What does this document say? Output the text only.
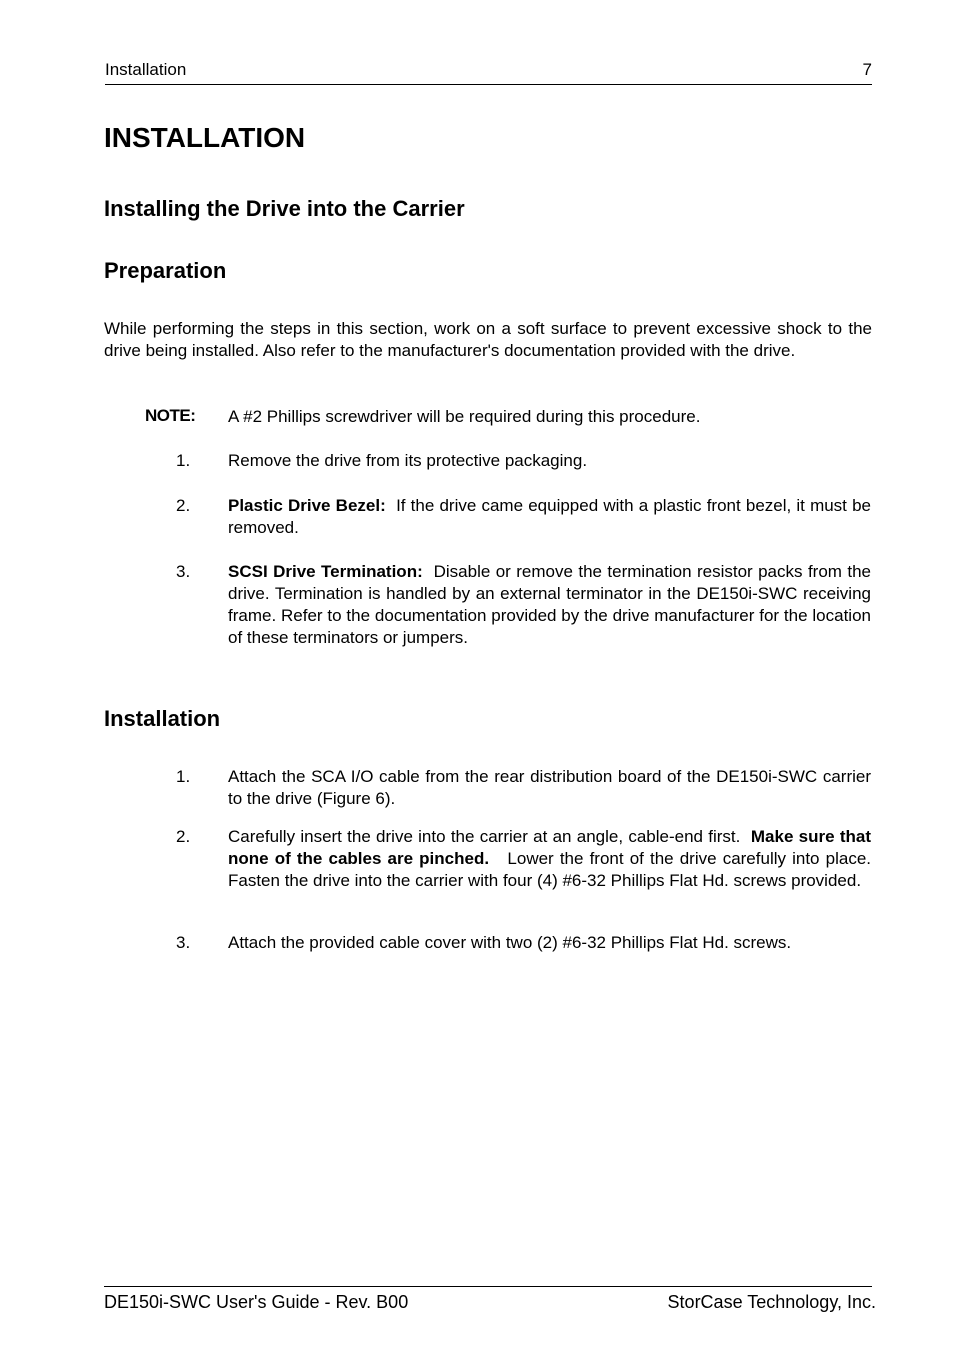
Installation	7
INSTALLATION
Installing the Drive into the Carrier
Preparation

While performing the steps in this section, work on a soft surface to prevent excessive shock to the drive being installed. Also refer to the manufacturer's documentation provided with the drive.

NOTE: A #2 Phillips screwdriver will be required during this procedure.

1. Remove the drive from its protective packaging.

2. Plastic Drive Bezel: If the drive came equipped with a plastic front bezel, it must be removed.

3. SCSI Drive Termination: Disable or remove the termination resistor packs from the drive. Termination is handled by an external terminator in the DE150i-SWC receiving frame. Refer to the documentation provided by the drive manufacturer for the location of these terminators or jumpers.

Installation
1. Attach the SCA I/O cable from the rear distribution board of the DE150i-SWC carrier to the drive (Figure 6).

2. Carefully insert the drive into the carrier at an angle, cable-end first. Make sure that none of the cables are pinched. Lower the front of the drive carefully into place. Fasten the drive into the carrier with four (4) #6-32 Phillips Flat Hd. screws provided.

3. Attach the provided cable cover with two (2) #6-32 Phillips Flat Hd. screws.

DE150i-SWC User's Guide - Rev. B00	StorCase Technology, Inc.
